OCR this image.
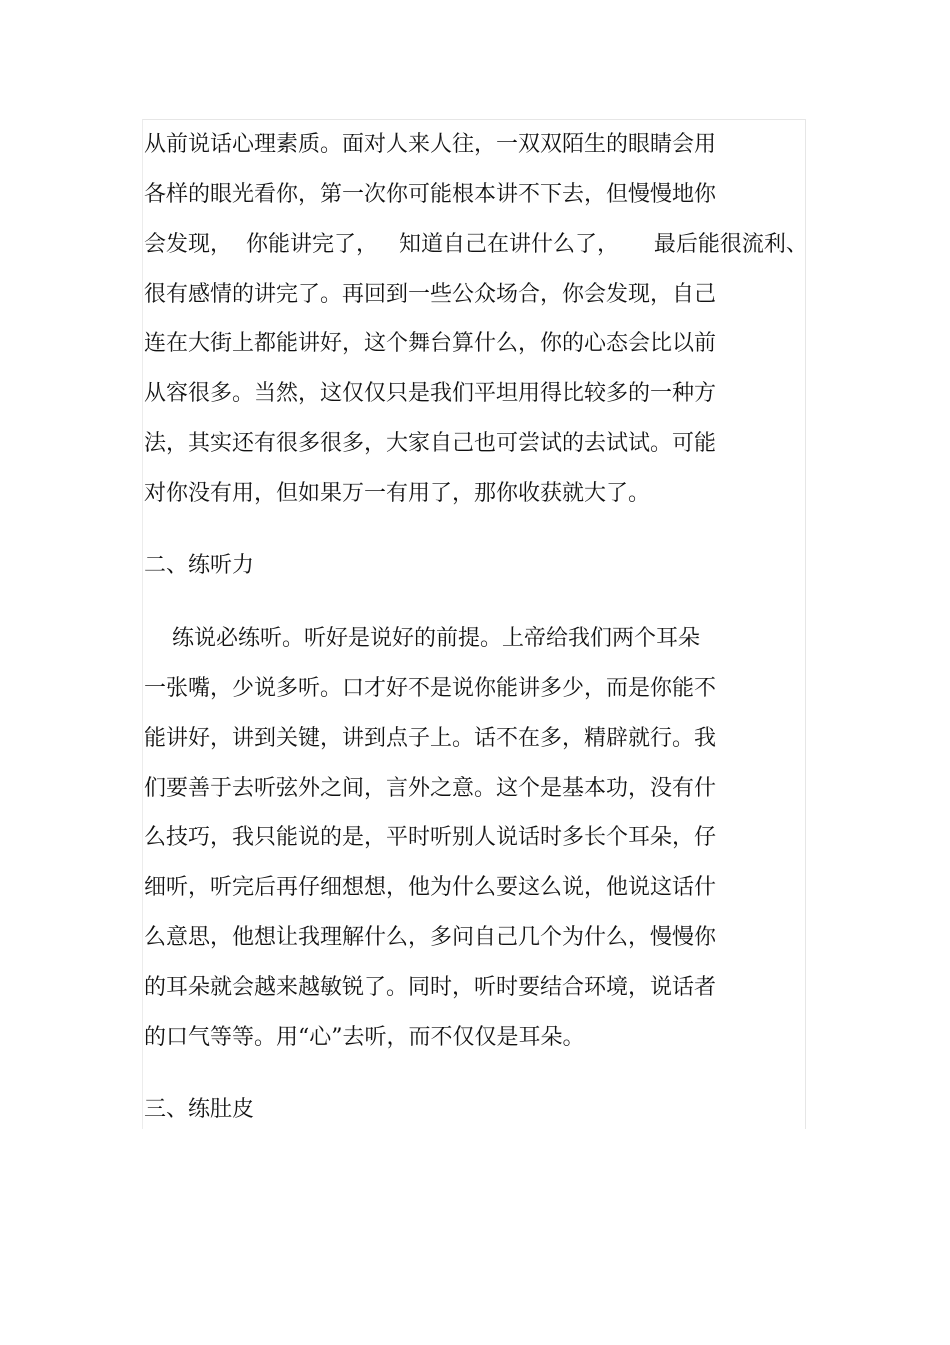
从前说话心理素质。面对人来人往，一双双陌生的眼睛会用
各样的眼光看你，第一次你可能根本讲不下去，但慢慢地你
会发现，  你能讲完了，   知道自己在讲什么了，     最后能很流利、
很有感情的讲完了。再回到一些公众场合，你会发现，自己
连在大街上都能讲好，这个舞台算什么，你的心态会比以前
从容很多。当然，这仅仅只是我们平坦用得比较多的一种方
法，其实还有很多很多，大家自己也可尝试的去试试。可能
对你没有用，但如果万一有用了，那你收获就大了。
二、练听力
练说必练听。听好是说好的前提。上帝给我们两个耳朵
一张嘴，少说多听。口才好不是说你能讲多少，而是你能不
能讲好，讲到关键，讲到点子上。话不在多，精辟就行。我
们要善于去听弦外之间，言外之意。这个是基本功，没有什
么技巧，我只能说的是，平时听别人说话时多长个耳朵，仔
细听，听完后再仔细想想，他为什么要这么说，他说这话什
么意思，他想让我理解什么，多问自己几个为什么，慢慢你
的耳朵就会越来越敏锐了。同时，听时要结合环境，说话者
的口气等等。用“心”去听，而不仅仅是耳朵。
三、练肚皮
